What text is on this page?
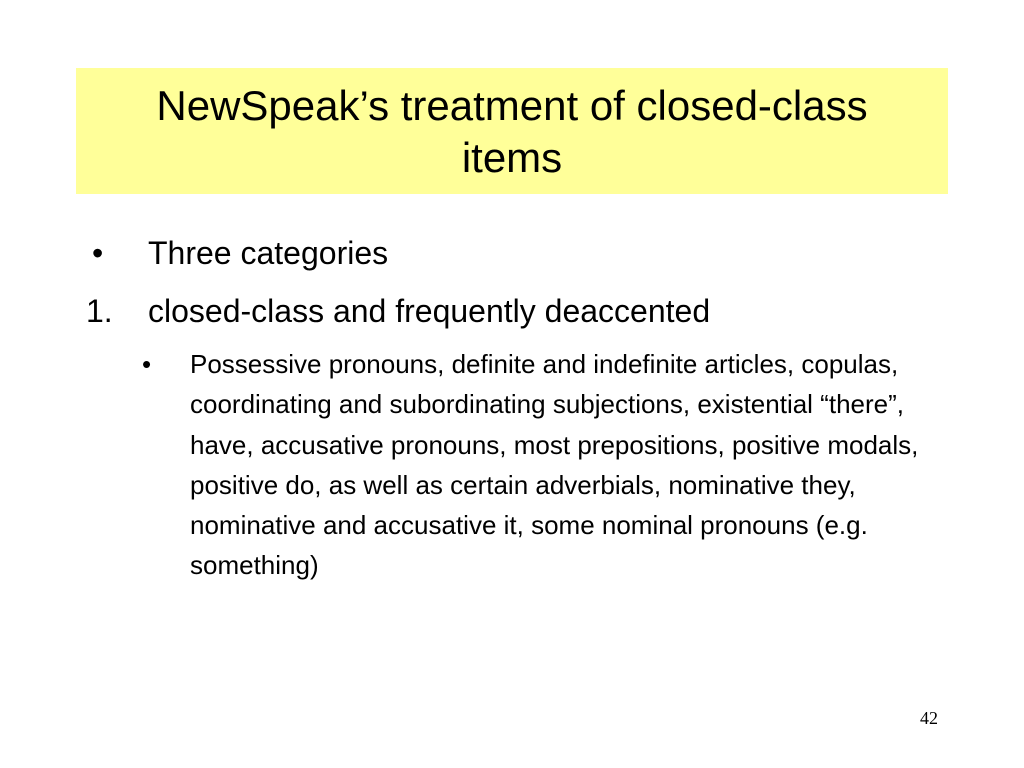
NewSpeak’s treatment of closed-class items
• Three categories
1. closed-class and frequently deaccented
• Possessive pronouns, definite and indefinite articles, copulas, coordinating and subordinating subjections, existential “there”, have, accusative pronouns, most prepositions, positive modals, positive do, as well as certain adverbials, nominative they, nominative and accusative it, some nominal pronouns (e.g. something)
42
